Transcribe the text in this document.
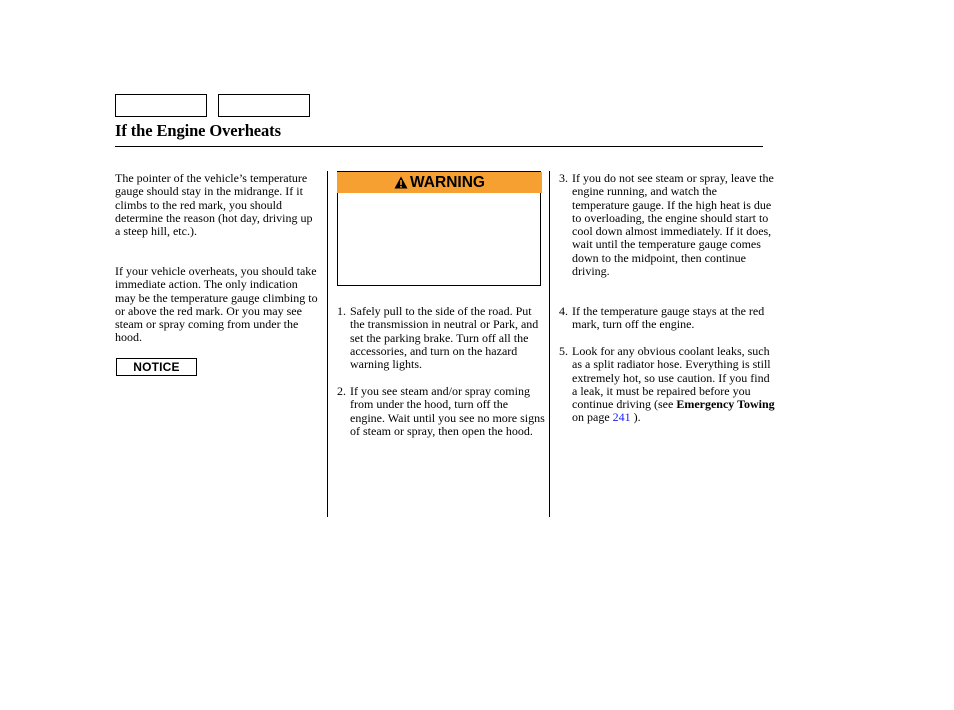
If the Engine Overheats

The pointer of the vehicle’s temperature gauge should stay in the midrange. If it climbs to the red mark, you should determine the reason (hot day, driving up a steep hill, etc.).

If your vehicle overheats, you should take immediate action. The only indication may be the temperature gauge climbing to or above the red mark. Or you may see steam or spray coming from under the hood.

NOTICE
WARNING
1. Safely pull to the side of the road. Put the transmission in neutral or Park, and set the parking brake. Turn off all the accessories, and turn on the hazard warning lights.
2. If you see steam and/or spray coming from under the hood, turn off the engine. Wait until you see no more signs of steam or spray, then open the hood.
3. If you do not see steam or spray, leave the engine running, and watch the temperature gauge. If the high heat is due to overloading, the engine should start to cool down almost immediately. If it does, wait until the temperature gauge comes down to the midpoint, then continue driving.
4. If the temperature gauge stays at the red mark, turn off the engine.
5. Look for any obvious coolant leaks, such as a split radiator hose. Everything is still extremely hot, so use caution. If you find a leak, it must be repaired before you continue driving (see Emergency Towing on page 241 ).
